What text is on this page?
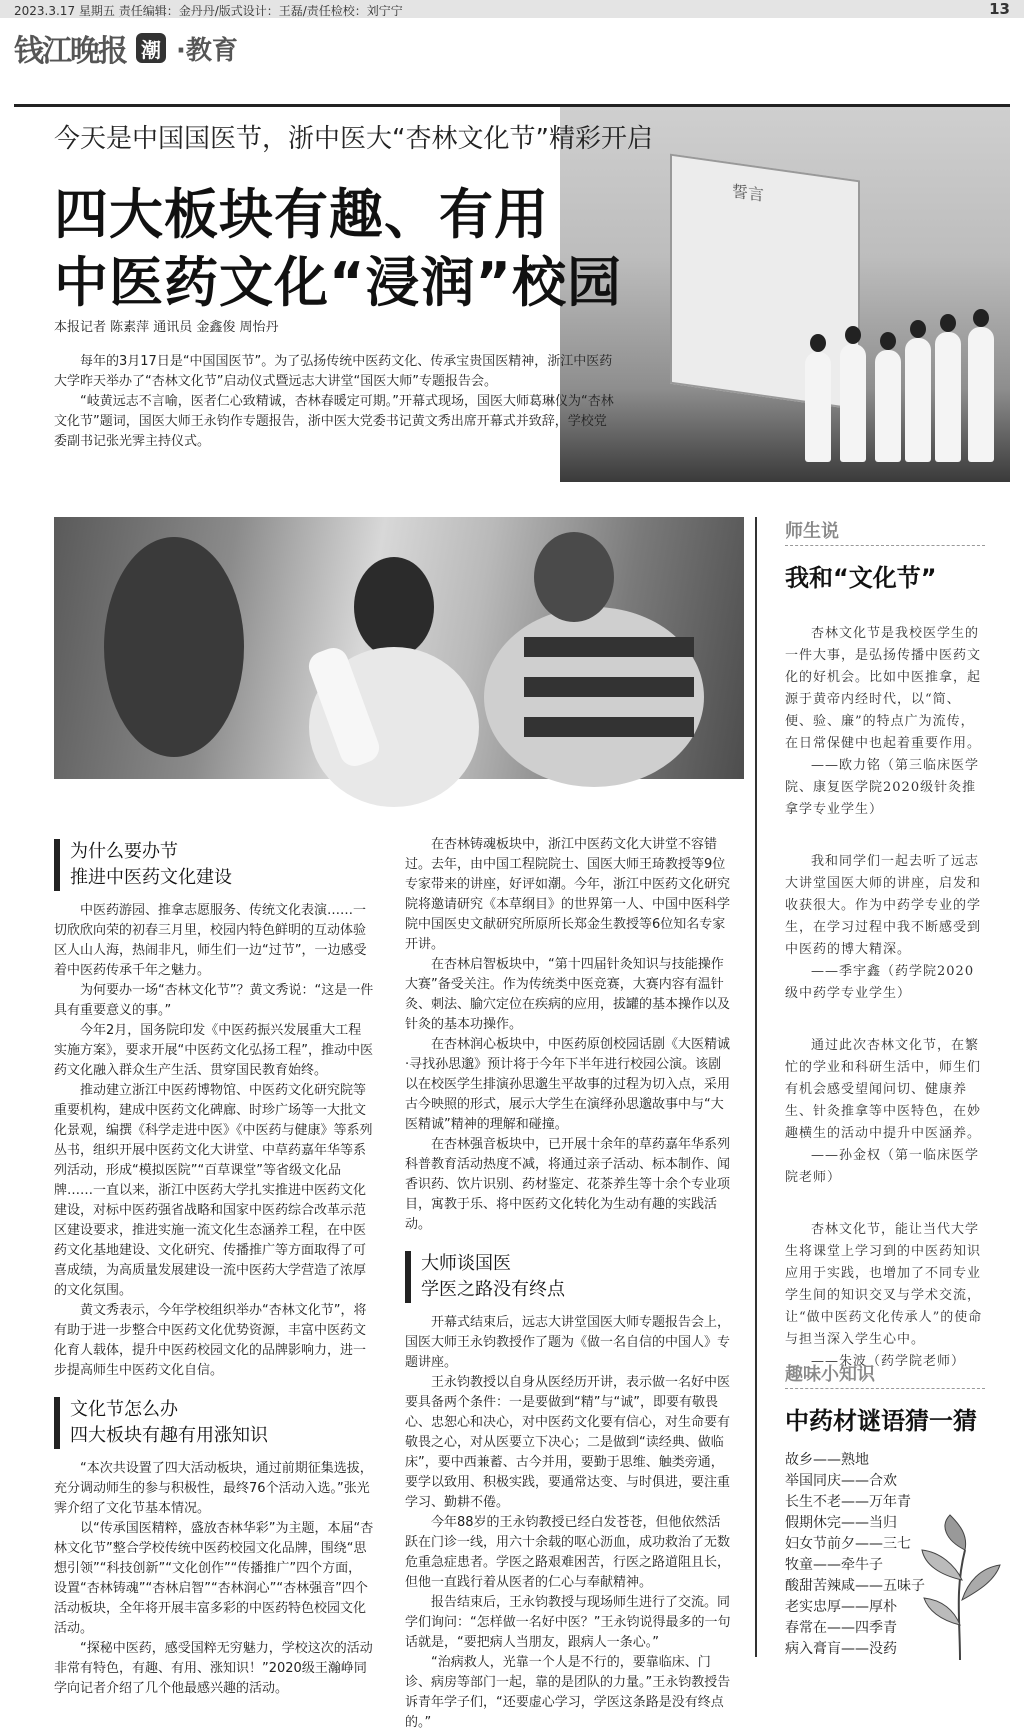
2023.3.17 星期五 责任编辑：金丹丹/版式设计：王磊/责任检校：刘宁宁	13
钱江晚报 潮 ·教育
誓言
今天是中国国医节，浙中医大“杏林文化节”精彩开启
四大板块有趣、有用
中医药文化“浸润”校园
本报记者 陈素萍 通讯员 金鑫俊 周怡丹

每年的3月17日是“中国国医节”。为了弘扬传统中医药文化、传承宝贵国医精神，浙江中医药大学昨天举办了“杏林文化节”启动仪式暨远志大讲堂“国医大师”专题报告会。

“岐黄远志不言喻，医者仁心致精诚，杏林春暖定可期。”开幕式现场，国医大师葛琳仪为“杏林文化节”题词，国医大师王永钧作专题报告，浙中医大党委书记黄文秀出席开幕式并致辞，学校党委副书记张光霁主持仪式。

为什么要办节
推进中医药文化建设

中医药游园、推拿志愿服务、传统文化表演……一切欣欣向荣的初春三月里，校园内特色鲜明的互动体验区人山人海，热闹非凡，师生们一边“过节”，一边感受着中医药传承千年之魅力。

为何要办一场“杏林文化节”？黄文秀说：“这是一件具有重要意义的事。”

今年2月，国务院印发《中医药振兴发展重大工程实施方案》，要求开展“中医药文化弘扬工程”，推动中医药文化融入群众生产生活、贯穿国民教育始终。

推动建立浙江中医药博物馆、中医药文化研究院等重要机构，建成中医药文化碑廊、时珍广场等一大批文化景观，编撰《科学走进中医》《中医药与健康》等系列丛书，组织开展中医药文化大讲堂、中草药嘉年华等系列活动，形成“模拟医院”“百草课堂”等省级文化品牌……一直以来，浙江中医药大学扎实推进中医药文化建设，对标中医药强省战略和国家中医药综合改革示范区建设要求，推进实施一流文化生态涵养工程，在中医药文化基地建设、文化研究、传播推广等方面取得了可喜成绩，为高质量发展建设一流中医药大学营造了浓厚的文化氛围。

黄文秀表示，今年学校组织举办“杏林文化节”，将有助于进一步整合中医药文化优势资源，丰富中医药文化育人载体，提升中医药校园文化的品牌影响力，进一步提高师生中医药文化自信。

文化节怎么办
四大板块有趣有用涨知识

“本次共设置了四大活动板块，通过前期征集选拔，充分调动师生的参与积极性，最终76个活动入选。”张光霁介绍了文化节基本情况。

以“传承国医精粹，盛放杏林华彩”为主题，本届“杏林文化节”整合学校传统中医药校园文化品牌，围绕“思想引领”“科技创新”“文化创作”“传播推广”四个方面，设置“杏林铸魂”“杏林启智”“杏林润心”“杏林强音”四个活动板块，全年将开展丰富多彩的中医药特色校园文化活动。

“探秘中医药，感受国粹无穷魅力，学校这次的活动非常有特色，有趣、有用、涨知识！”2020级王瀚峥同学向记者介绍了几个他最感兴趣的活动。

在杏林铸魂板块中，浙江中医药文化大讲堂不容错过。去年，由中国工程院院士、国医大师王琦教授等9位专家带来的讲座，好评如潮。今年，浙江中医药文化研究院将邀请研究《本草纲目》的世界第一人、中国中医科学院中国医史文献研究所原所长郑金生教授等6位知名专家开讲。

在杏林启智板块中，“第十四届针灸知识与技能操作大赛”备受关注。作为传统类中医竞赛，大赛内容有温针灸、刺法、腧穴定位在疾病的应用，拔罐的基本操作以及针灸的基本功操作。

在杏林润心板块中，中医药原创校园话剧《大医精诚·寻找孙思邈》预计将于今年下半年进行校园公演。该剧以在校医学生排演孙思邈生平故事的过程为切入点，采用古今映照的形式，展示大学生在演绎孙思邈故事中与“大医精诚”精神的理解和碰撞。

在杏林强音板块中，已开展十余年的草药嘉年华系列科普教育活动热度不减，将通过亲子活动、标本制作、闻香识药、饮片识别、药材鉴定、花茶养生等十余个专业项目，寓教于乐、将中医药文化转化为生动有趣的实践活动。

大师谈国医
学医之路没有终点

开幕式结束后，远志大讲堂国医大师专题报告会上，国医大师王永钧教授作了题为《做一名自信的中国人》专题讲座。

王永钧教授以自身从医经历开讲，表示做一名好中医要具备两个条件：一是要做到“精”与“诚”，即要有敬畏心、忠恕心和决心，对中医药文化要有信心，对生命要有敬畏之心，对从医要立下决心；二是做到“读经典、做临床”，要中西兼蓄、古今并用，要勤于思维、触类旁通，要学以致用、积极实践，要通常达变、与时俱进，要注重学习、勤耕不倦。

今年88岁的王永钧教授已经白发苍苍，但他依然活跃在门诊一线，用六十余载的呕心沥血，成功救治了无数危重急症患者。学医之路艰难困苦，行医之路道阻且长，但他一直践行着从医者的仁心与奉献精神。

报告结束后，王永钧教授与现场师生进行了交流。同学们询问：“怎样做一名好中医？”王永钧说得最多的一句话就是，“要把病人当朋友，跟病人一条心。”

“治病救人，光靠一个人是不行的，要靠临床、门诊、病房等部门一起，靠的是团队的力量。”王永钧教授告诉青年学子们，“还要虚心学习，学医这条路是没有终点的。”

师生说
我和“文化节”

杏林文化节是我校医学生的一件大事，是弘扬传播中医药文化的好机会。比如中医推拿，起源于黄帝内经时代，以“简、便、验、廉”的特点广为流传，在日常保健中也起着重要作用。

——欧力铭（第三临床医学院、康复医学院2020级针灸推拿学专业学生）

我和同学们一起去听了远志大讲堂国医大师的讲座，启发和收获很大。作为中药学专业的学生，在学习过程中我不断感受到中医药的博大精深。

——季宇鑫（药学院2020级中药学专业学生）

通过此次杏林文化节，在繁忙的学业和科研生活中，师生们有机会感受望闻问切、健康养生、针灸推拿等中医特色，在妙趣横生的活动中提升中医涵养。

——孙金权（第一临床医学院老师）

杏林文化节，能让当代大学生将课堂上学习到的中医药知识应用于实践，也增加了不同专业学生间的知识交叉与学术交流，让“做中医药文化传承人”的使命与担当深入学生心中。

——朱波（药学院老师）

趣味小知识
中药材谜语猜一猜
故乡——熟地
举国同庆——合欢
长生不老——万年青
假期休完——当归
妇女节前夕——三七
牧童——牵牛子
酸甜苦辣咸——五味子
老实忠厚——厚朴
春常在——四季青
病入膏肓——没药
